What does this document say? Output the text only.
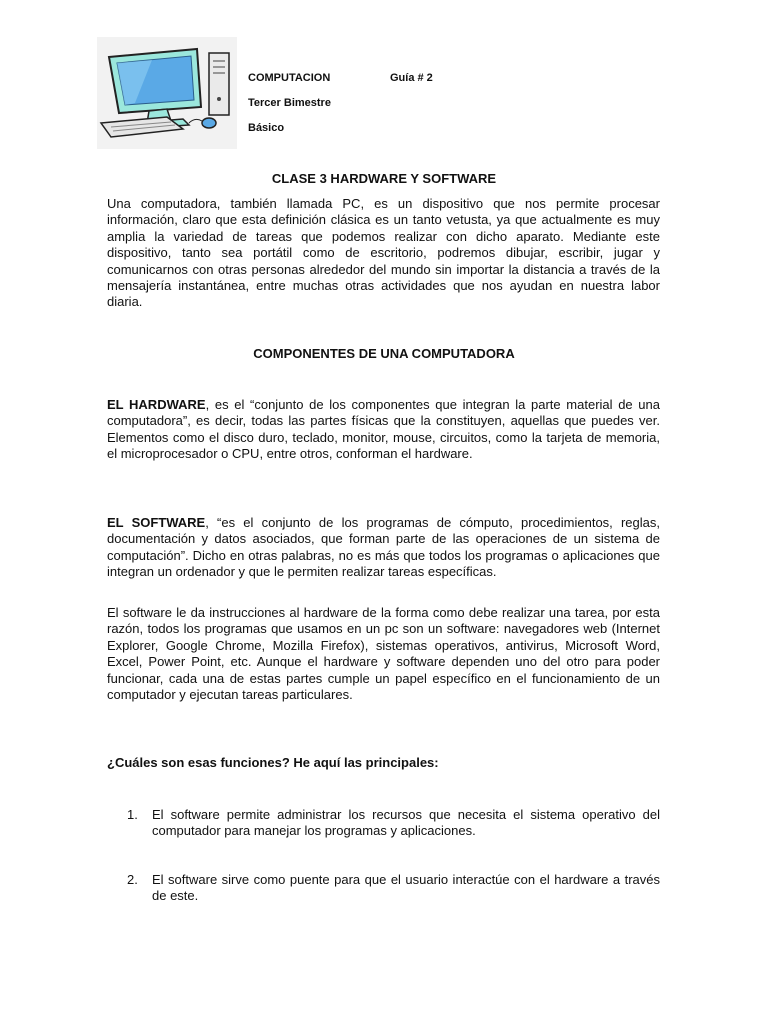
COMPUTACION	Guía # 2
Tercer Bimestre
Básico
CLASE 3 HARDWARE Y SOFTWARE

Una computadora, también llamada PC, es un dispositivo que nos permite procesar información, claro que esta definición clásica es un tanto vetusta, ya que actualmente es muy amplia la variedad de tareas que podemos realizar con dicho aparato. Mediante este dispositivo, tanto sea portátil como de escritorio, podremos dibujar, escribir, jugar y comunicarnos con otras personas alrededor del mundo sin importar la distancia a través de la mensajería instantánea, entre muchas otras actividades que nos ayudan en nuestra labor diaria.

COMPONENTES DE UNA COMPUTADORA

EL HARDWARE, es el “conjunto de los componentes que integran la parte material de una computadora”, es decir, todas las partes físicas que la constituyen, aquellas que puedes ver. Elementos como el disco duro, teclado, monitor, mouse, circuitos, como la tarjeta de memoria, el microprocesador o CPU, entre otros, conforman el hardware.

EL SOFTWARE, “es el conjunto de los programas de cómputo, procedimientos, reglas, documentación y datos asociados, que forman parte de las operaciones de un sistema de computación”. Dicho en otras palabras, no es más que todos los programas o aplicaciones que integran un ordenador y que le permiten realizar tareas específicas.

El software le da instrucciones al hardware de la forma como debe realizar una tarea, por esta razón, todos los programas que usamos en un pc son un software: navegadores web (Internet Explorer, Google Chrome, Mozilla Firefox), sistemas operativos, antivirus, Microsoft Word, Excel, Power Point, etc. Aunque el hardware y software dependen uno del otro para poder funcionar, cada una de estas partes cumple un papel específico en el funcionamiento de un computador y ejecutan tareas particulares.

¿Cuáles son esas funciones? He aquí las principales:
1. El software permite administrar los recursos que necesita el sistema operativo del computador para manejar los programas y aplicaciones.
2. El software sirve como puente para que el usuario interactúe con el hardware a través de este.
